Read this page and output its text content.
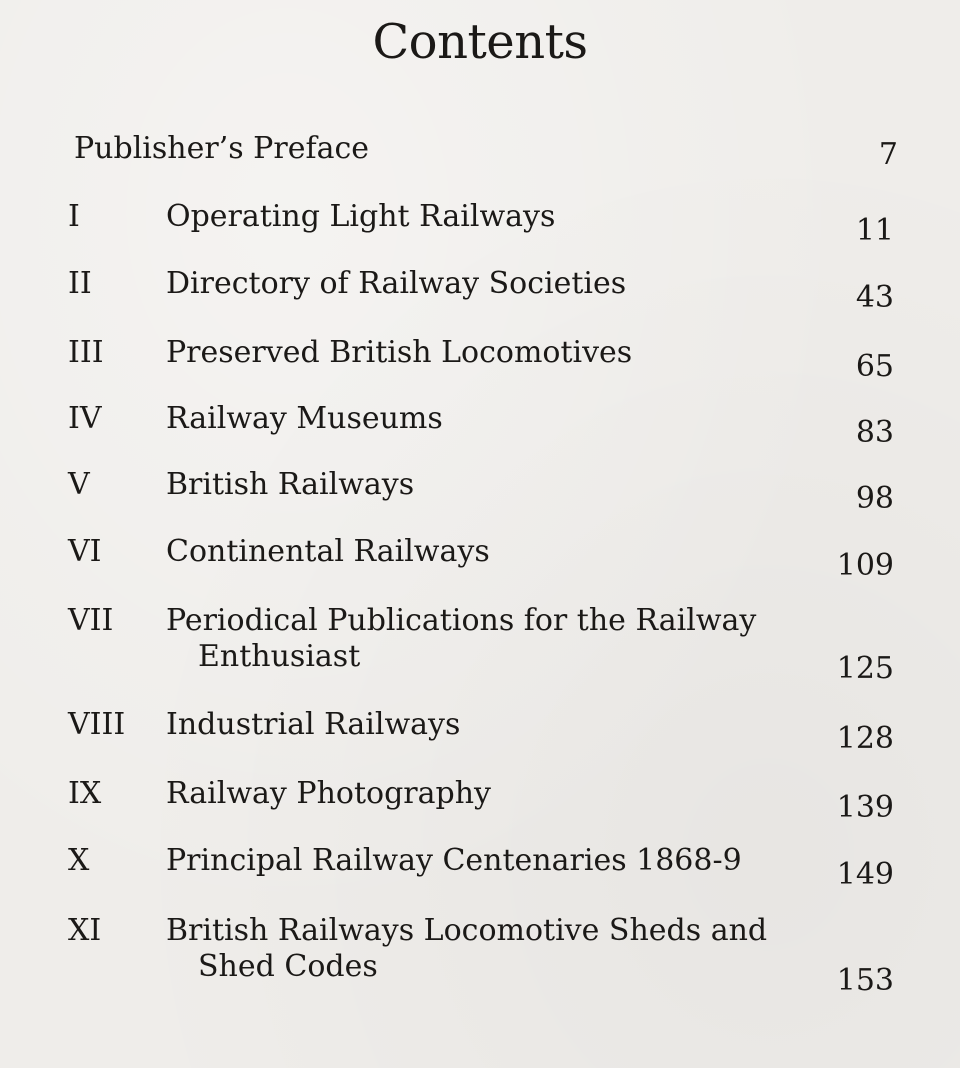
Contents
Publisher’s Preface	7
I	Operating Light Railways	11
II Directory of Railway Societies	43
III Preserved British Locomotives	65
IV Railway Museums	83
V	British Railways	98
VI Continental Railways	109
VII Periodical Publications for the Railway
Enthusiast	125
VIII Industrial Railways	128
IX Railway Photography	139
X	Principal Railway Centenaries 1868-9	149
XI British Railways Locomotive Sheds and
Shed Codes	153
